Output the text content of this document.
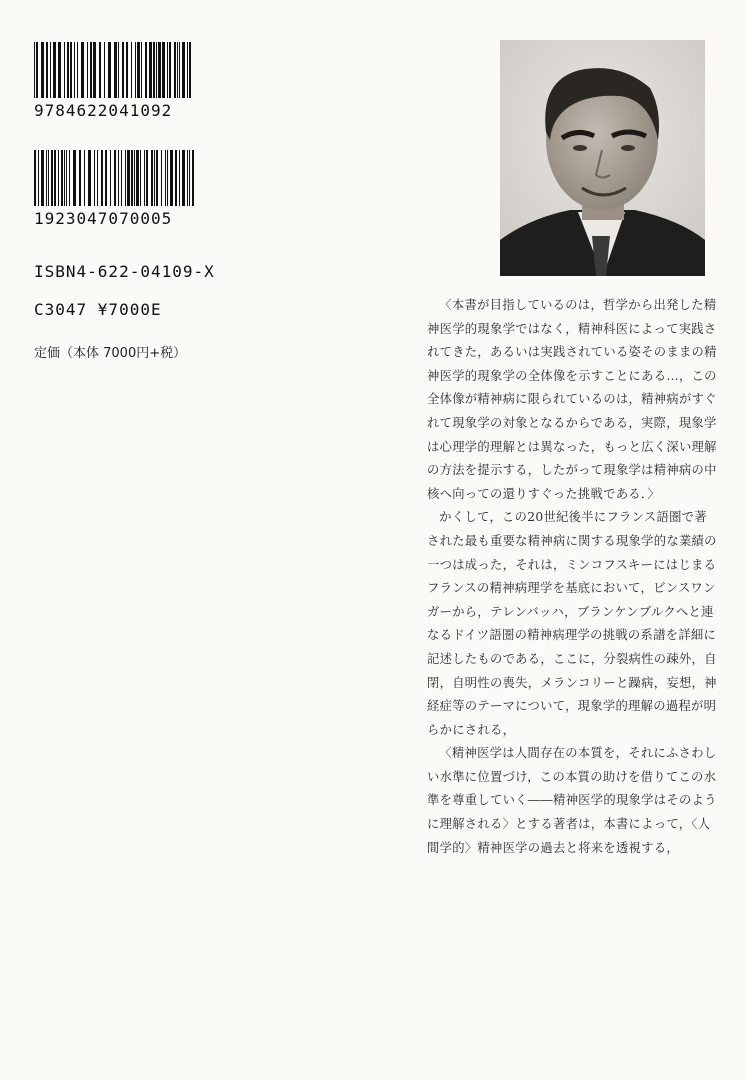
9784622041092
1923047070005
ISBN4-622-04109-X
C3047 ¥7000E
定価（本体 7000円+税）

〈本書が目指しているのは，哲学から出発した精神医学的現象学ではなく，精神科医によって実践されてきた，あるいは実践されている姿そのままの精神医学的現象学の全体像を示すことにある…，この全体像が精神病に限られているのは，精神病がすぐれて現象学の対象となるからである，実際，現象学は心理学的理解とは異なった，もっと広く深い理解の方法を提示する，したがって現象学は精神病の中核へ向っての還りすぐった挑戦である．〉

かくして，この20世紀後半にフランス語圏で著された最も重要な精神病に関する現象学的な業績の一つは成った，それは，ミンコフスキーにはじまるフランスの精神病理学を基底において，ビンスワンガーから，テレンバッハ，ブランケンブルクへと連なるドイツ語圏の精神病理学の挑戦の系譜を詳細に記述したものである，ここに，分裂病性の疎外，自閉，自明性の喪失，メランコリーと躁病，妄想，神経症等のテーマについて，現象学的理解の過程が明らかにされる，

〈精神医学は人間存在の本質を，それにふさわしい水準に位置づけ，この本質の助けを借りてこの水準を尊重していく――精神医学的現象学はそのように理解される〉とする著者は，本書によって，〈人間学的〉精神医学の過去と将来を透視する，
